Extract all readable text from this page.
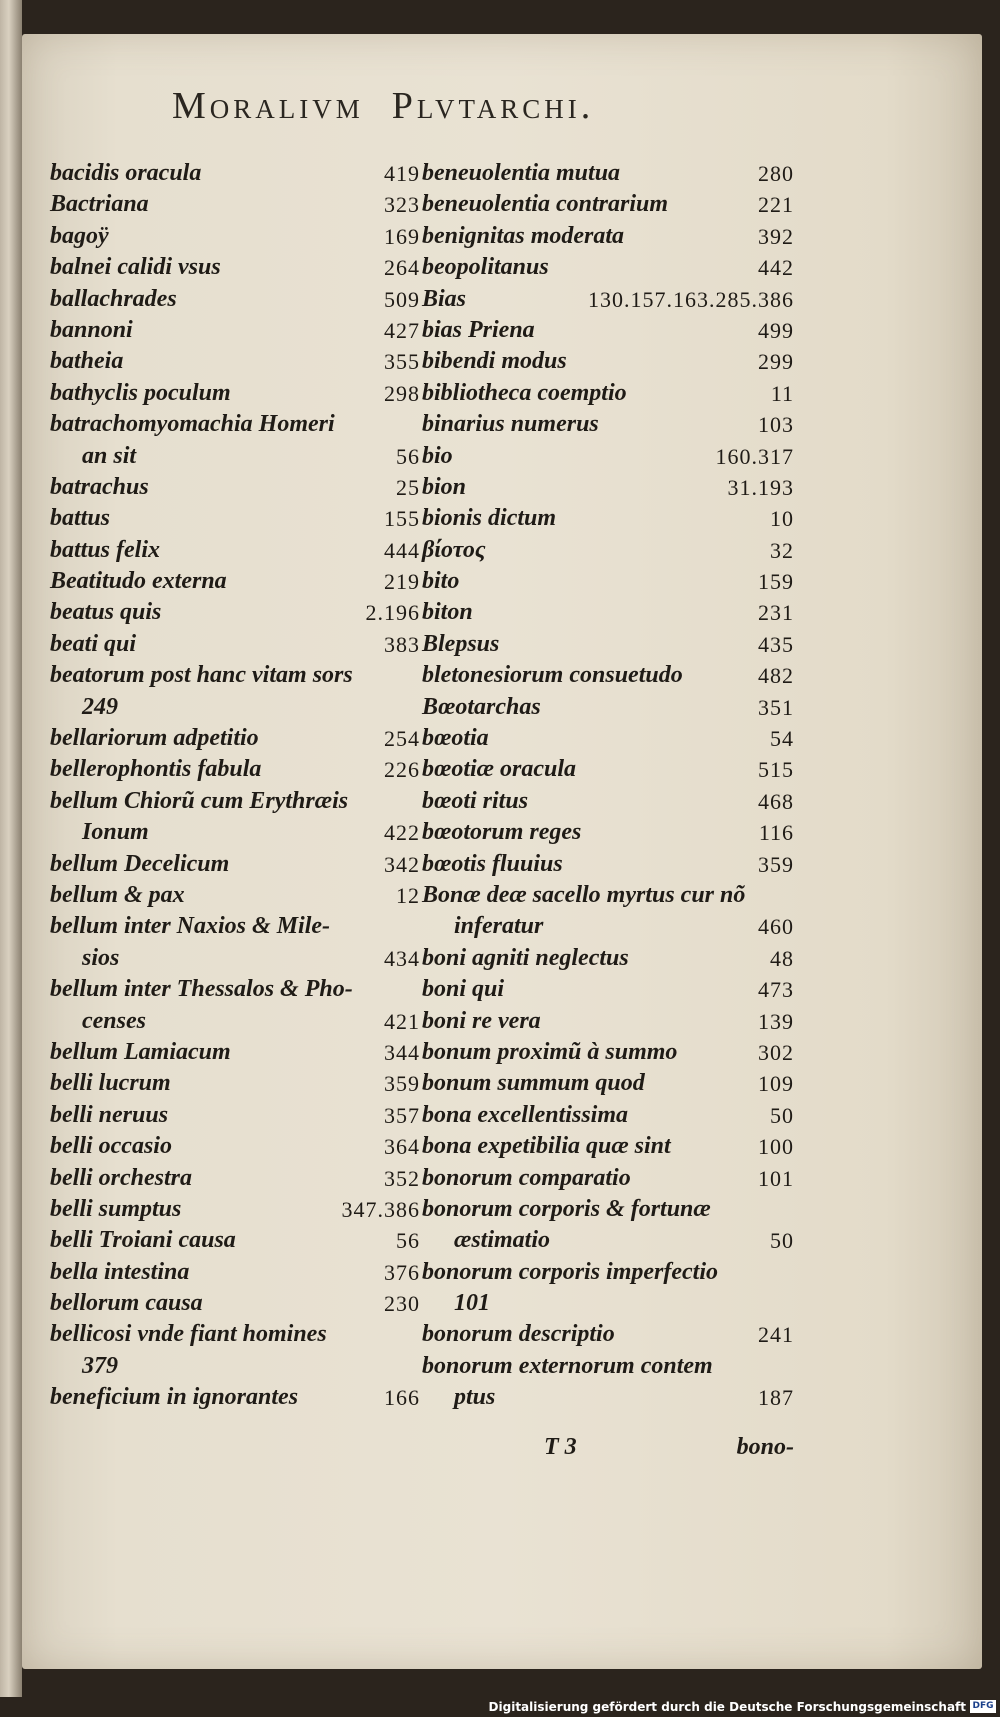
Moralivm Plvtarchi.
bacidis oracula	419
Bactriana	323
bagoÿ	169
balnei calidi vsus	264
ballachrades	509
bannoni	427
batheia	355
bathyclis poculum	298
batrachomyomachia Homeri
an sit	56
batrachus	25
battus	155
battus felix	444
Beatitudo externa	219
beatus quis	2.196
beati qui	383
beatorum post hanc vitam sors
249
bellariorum adpetitio	254
bellerophontis fabula	226
bellum Chiorũ cum Erythræis
Ionum	422
bellum Decelicum	342
bellum & pax	12
bellum inter Naxios & Mile-
sios	434
bellum inter Thessalos & Pho-
censes	421
bellum Lamiacum	344
belli lucrum	359
belli neruus	357
belli occasio	364
belli orchestra	352
belli sumptus	347.386
belli Troiani causa	56
bella intestina	376
bellorum causa	230
bellicosi vnde fiant homines
379
beneficium in ignorantes	166
beneuolentia mutua	280
beneuolentia contrarium	221
benignitas moderata	392
beopolitanus	442
Bias	130.157.163.285.386
bias Priena	499
bibendi modus	299
bibliotheca coemptio	11
binarius numerus	103
bio	160.317
bion	31.193
bionis dictum	10
βίοτος	32
bito	159
biton	231
Blepsus	435
bletonesiorum consuetudo	482
Bœotarchas	351
bœotia	54
bœotiæ oracula	515
bœoti ritus	468
bœotorum reges	116
bœotis fluuius	359
Bonæ deæ sacello myrtus cur nõ
inferatur	460
boni agniti neglectus	48
boni qui	473
boni re vera	139
bonum proximũ à summo	302
bonum summum quod	109
bona excellentissima	50
bona expetibilia quæ sint	100
bonorum comparatio	101
bonorum corporis & fortunæ
æstimatio	50
bonorum corporis imperfectio
101
bonorum descriptio	241
bonorum externorum contem
ptus	187
T 3	bono-
Digitalisierung gefördert durch die Deutsche Forschungsgemeinschaft DFG
